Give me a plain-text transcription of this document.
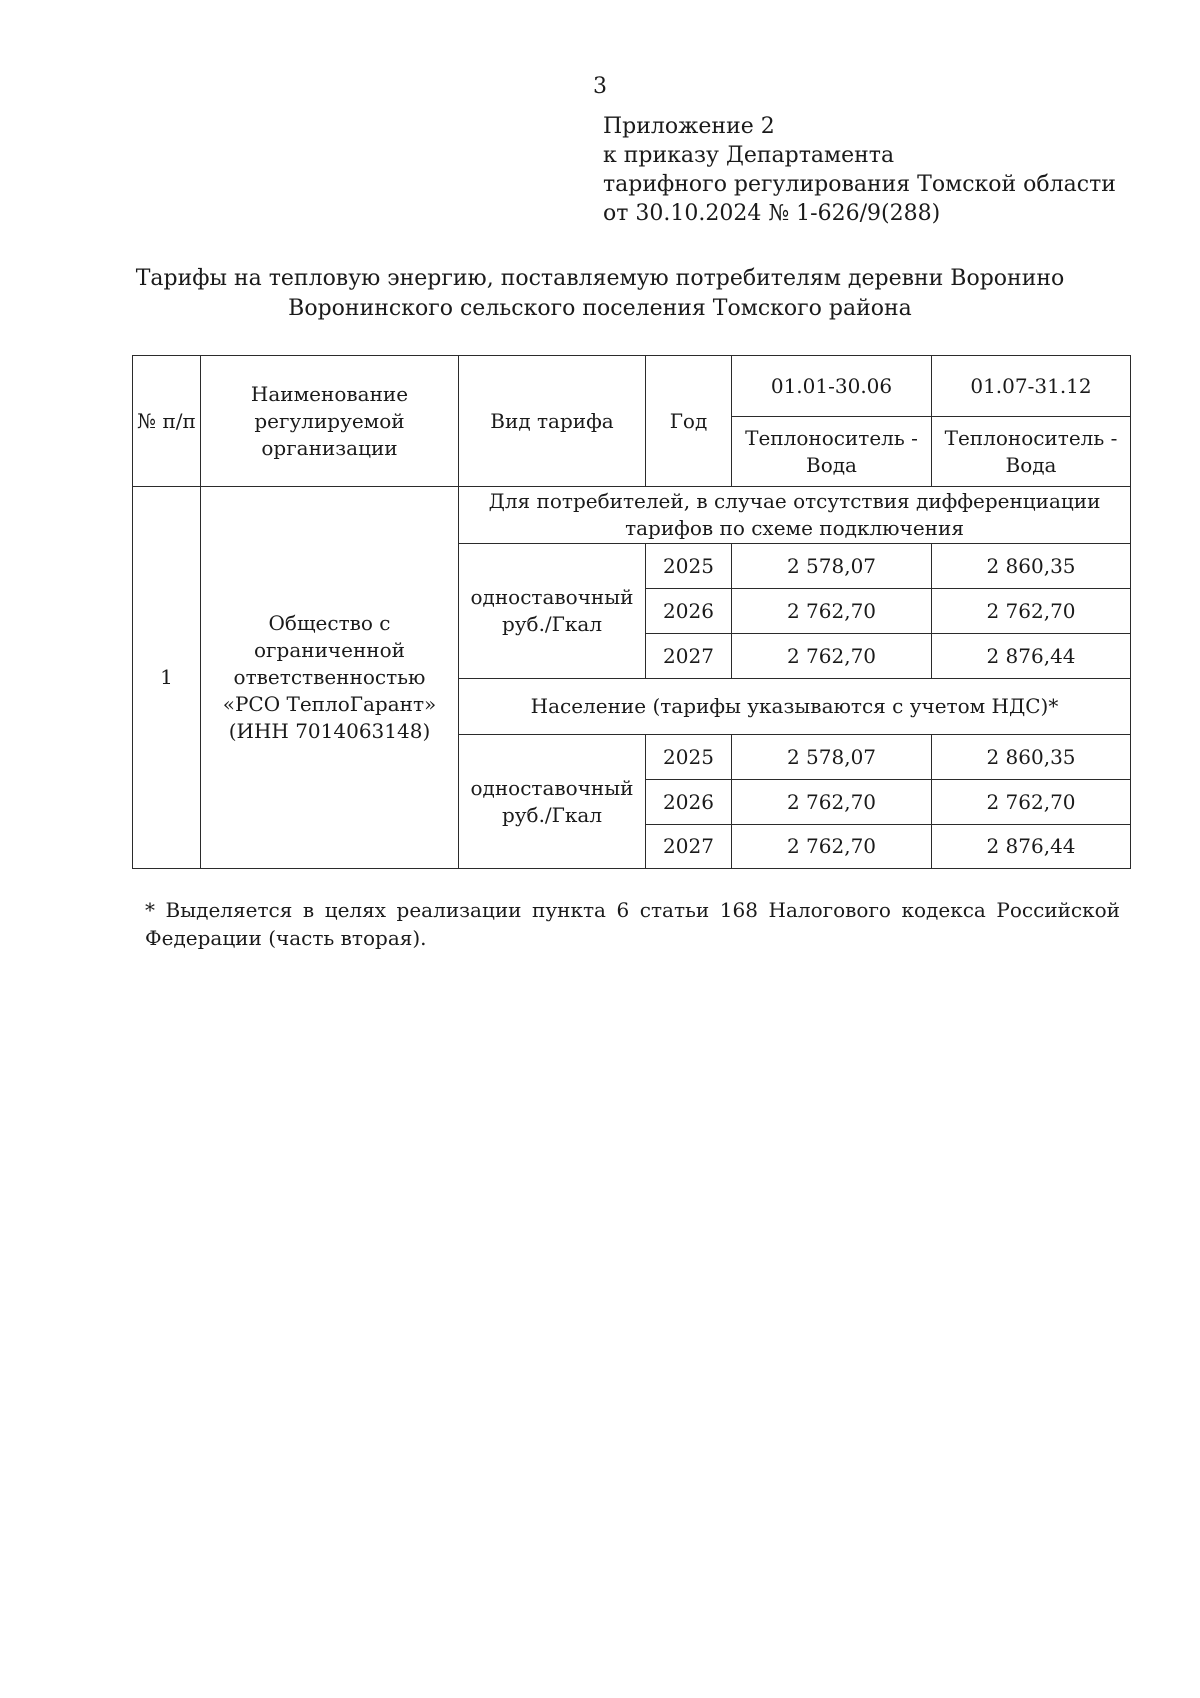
3
Приложение 2
к приказу Департамента
тарифного регулирования Томской области
от 30.10.2024 № 1-626/9(288)
Тарифы на тепловую энергию, поставляемую потребителям деревни Воронино
Воронинского сельского поселения Томского района
№ п/п	Наименование регулируемой организации	Вид тарифа	Год	01.01-30.06	01.07-31.12
				Теплоноситель - Вода	Теплоноситель - Вода
1	Общество с
ограниченной
ответственностью
«РСО ТеплоГарант»
(ИНН 7014063148)	Для потребителей, в случае отсутствия дифференциации тарифов по схеме подключения			
		одноставочный руб./Гкал	2025	2 578,07	2 860,35
			2026	2 762,70	2 762,70
			2027	2 762,70	2 876,44
		Население (тарифы указываются с учетом НДС)*			
		одноставочный руб./Гкал	2025	2 578,07	2 860,35
			2026	2 762,70	2 762,70
			2027	2 762,70	2 876,44
* Выделяется в целях реализации пункта 6 статьи 168 Налогового кодекса Российской Федерации (часть вторая).
